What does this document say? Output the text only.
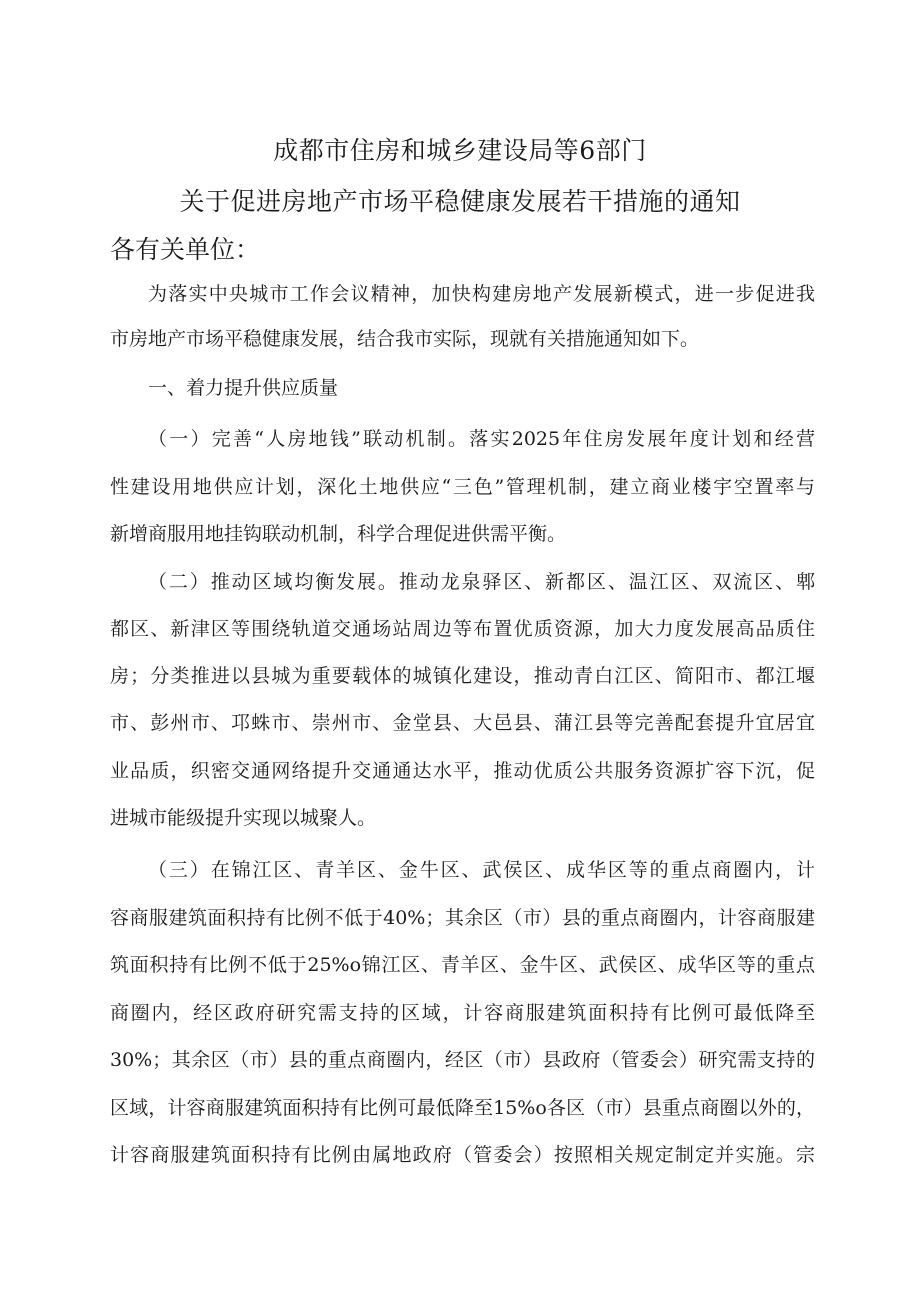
成都市住房和城乡建设局等6部门
关于促进房地产市场平稳健康发展若干措施的通知
各有关单位：
为落实中央城市工作会议精神，加快构建房地产发展新模式，进一步促进我
市房地产市场平稳健康发展，结合我市实际，现就有关措施通知如下。
一、着力提升供应质量
（一）完善“人房地钱”联动机制。落实2025年住房发展年度计划和经营
性建设用地供应计划，深化土地供应“三色”管理机制，建立商业楼宇空置率与
新增商服用地挂钩联动机制，科学合理促进供需平衡。
（二）推动区域均衡发展。推动龙泉驿区、新都区、温江区、双流区、郫
都区、新津区等围绕轨道交通场站周边等布置优质资源，加大力度发展高品质住
房；分类推进以县城为重要载体的城镇化建设，推动青白江区、简阳市、都江堰
市、彭州市、邛蛛市、崇州市、金堂县、大邑县、蒲江县等完善配套提升宜居宜
业品质，织密交通网络提升交通通达水平，推动优质公共服务资源扩容下沉，促
进城市能级提升实现以城聚人。
（三）在锦江区、青羊区、金牛区、武侯区、成华区等的重点商圈内，计
容商服建筑面积持有比例不低于40%；其余区（市）县的重点商圈内，计容商服建
筑面积持有比例不低于25%o锦江区、青羊区、金牛区、武侯区、成华区等的重点
商圈内，经区政府研究需支持的区域，计容商服建筑面积持有比例可最低降至
30%；其余区（市）县的重点商圈内，经区（市）县政府（管委会）研究需支持的
区域，计容商服建筑面积持有比例可最低降至15%o各区（市）县重点商圈以外的，
计容商服建筑面积持有比例由属地政府（管委会）按照相关规定制定并实施。宗
